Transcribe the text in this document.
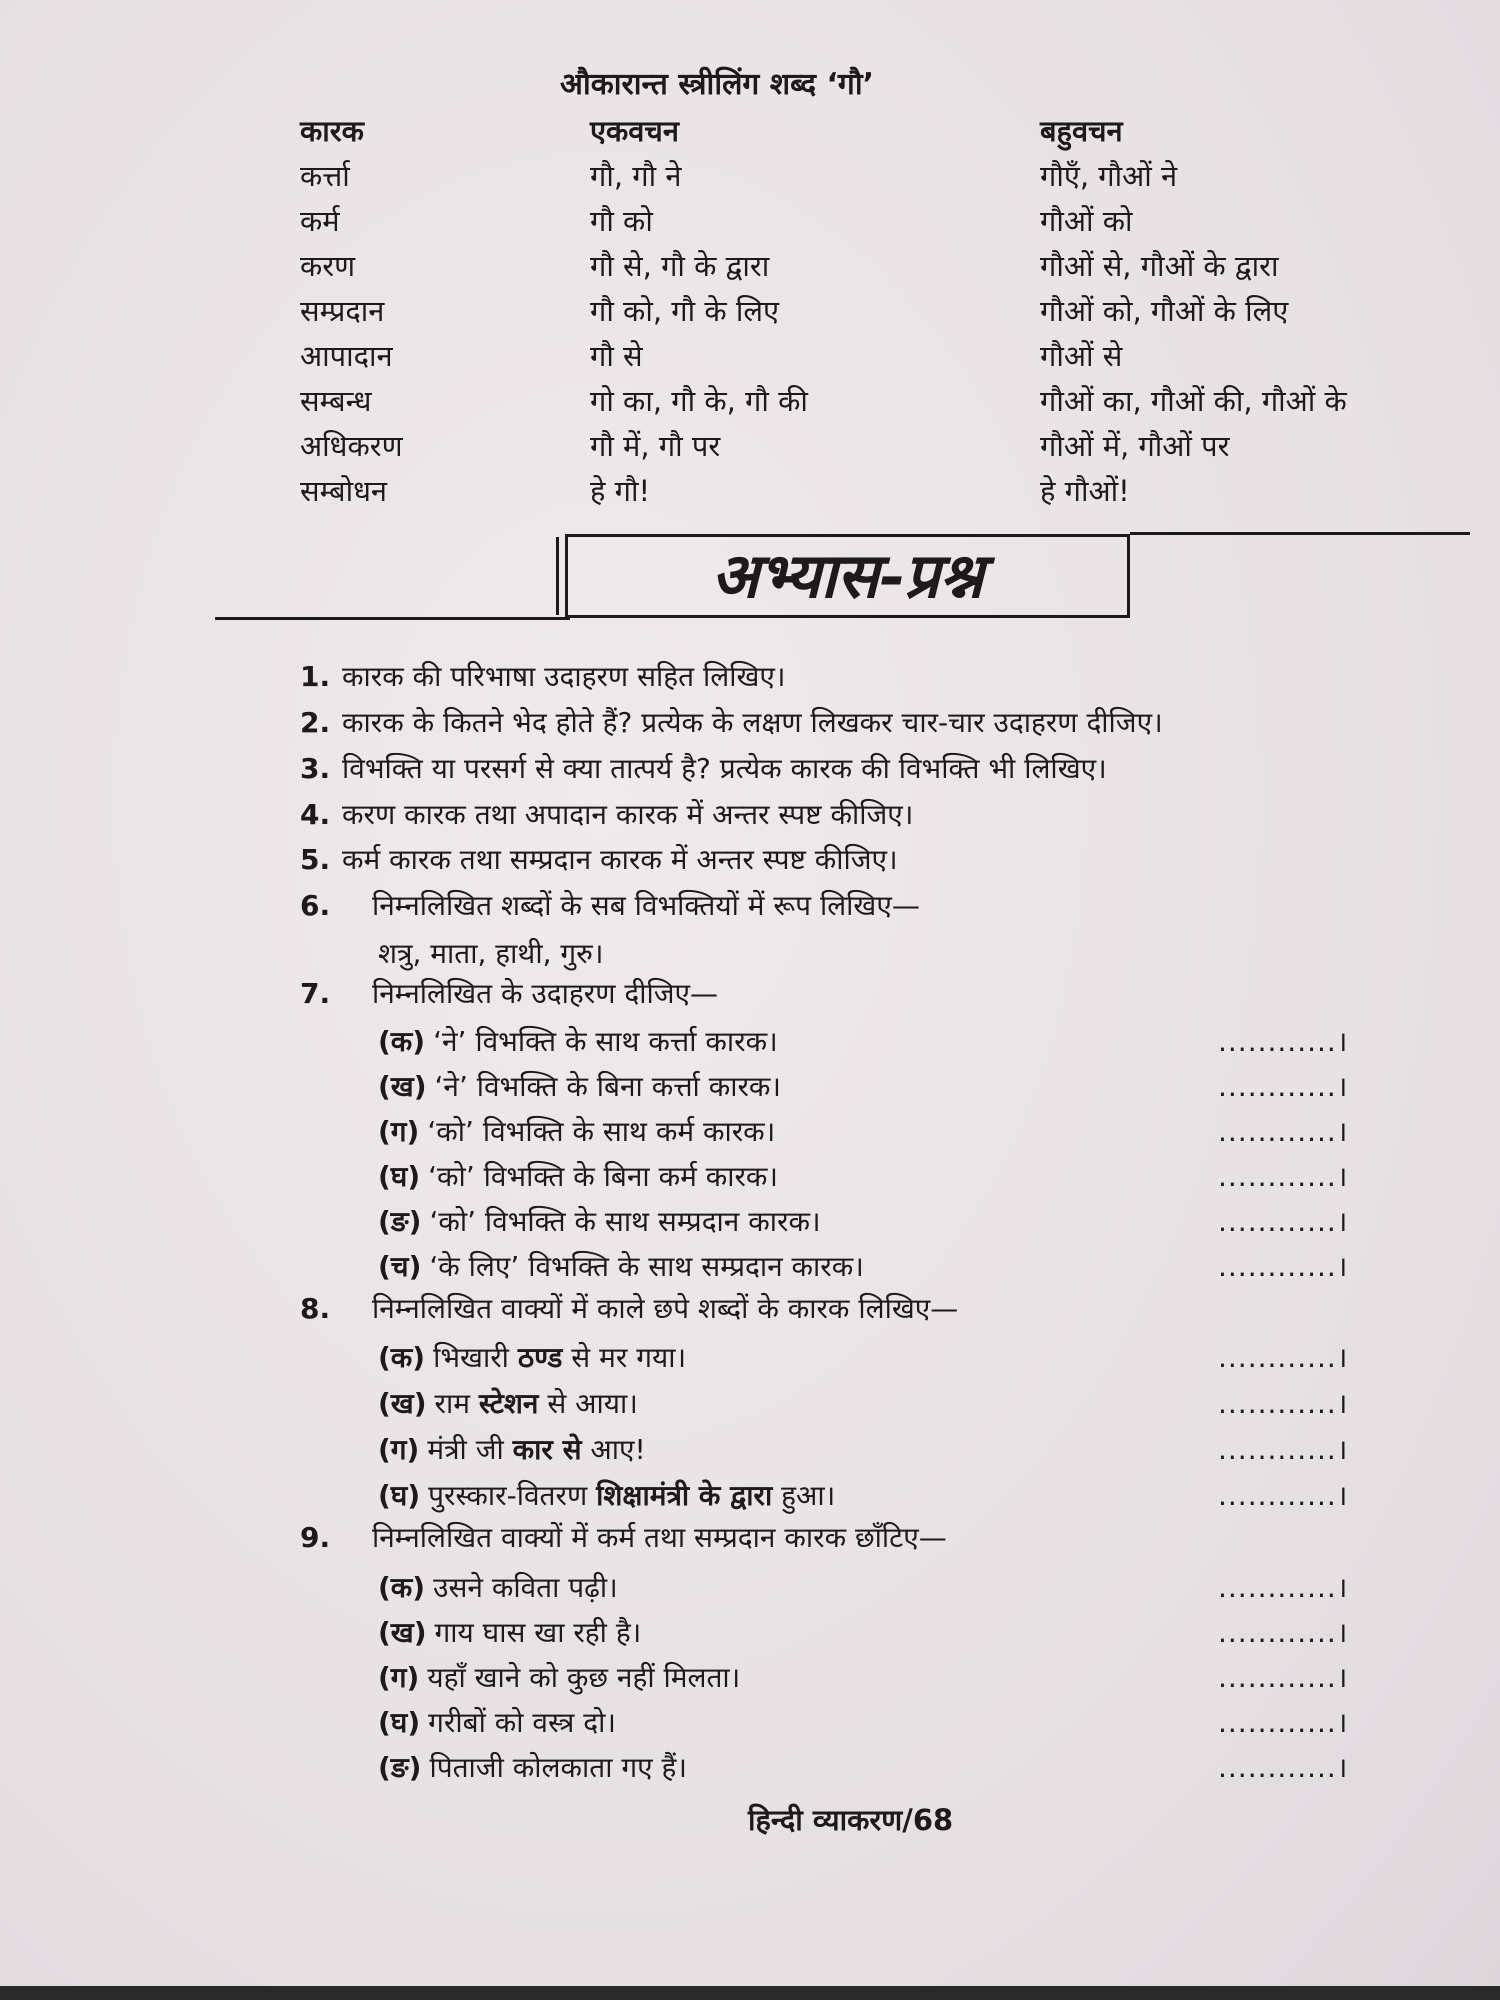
औकारान्त स्त्रीलिंग शब्द ‘गौ’
कारक	एकवचन	बहुवचन
कर्त्ता	गौ, गौ ने	गौएँ, गौओं ने
कर्म	गौ को	गौओं को
करण	गौ से, गौ के द्वारा	गौओं से, गौओं के द्वारा
सम्प्रदान	गौ को, गौ के लिए	गौओं को, गौओं के लिए
आपादान	गौ से	गौओं से
सम्बन्ध	गो का, गौ के, गौ की	गौओं का, गौओं की, गौओं के
अधिकरण	गौ में, गौ पर	गौओं में, गौओं पर
सम्बोधन	हे गौ!	हे गौओं!
अभ्यास-प्रश्न
1. कारक की परिभाषा उदाहरण सहित लिखिए।
2. कारक के कितने भेद होते हैं? प्रत्येक के लक्षण लिखकर चार-चार उदाहरण दीजिए।
3. विभक्ति या परसर्ग से क्या तात्पर्य है? प्रत्येक कारक की विभक्ति भी लिखिए।
4. करण कारक तथा अपादान कारक में अन्तर स्पष्ट कीजिए।
5. कर्म कारक तथा सम्प्रदान कारक में अन्तर स्पष्ट कीजिए।
6. निम्नलिखित शब्दों के सब विभक्तियों में रूप लिखिए—
शत्रु, माता, हाथी, गुरु।
7. निम्नलिखित के उदाहरण दीजिए—
(क) ‘ने’ विभक्ति के साथ कर्त्ता कारक।	............।
(ख) ‘ने’ विभक्ति के बिना कर्त्ता कारक।	............।
(ग) ‘को’ विभक्ति के साथ कर्म कारक।	............।
(घ) ‘को’ विभक्ति के बिना कर्म कारक।	............।
(ङ) ‘को’ विभक्ति के साथ सम्प्रदान कारक।	............।
(च) ‘के लिए’ विभक्ति के साथ सम्प्रदान कारक।	............।
8. निम्नलिखित वाक्यों में काले छपे शब्दों के कारक लिखिए—
(क) भिखारी ठण्ड से मर गया।	............।
(ख) राम स्टेशन से आया।	............।
(ग) मंत्री जी कार से आए!	............।
(घ) पुरस्कार-वितरण शिक्षामंत्री के द्वारा हुआ।	............।
9. निम्नलिखित वाक्यों में कर्म तथा सम्प्रदान कारक छाँटिए—
(क) उसने कविता पढ़ी।	............।
(ख) गाय घास खा रही है।	............।
(ग) यहाँ खाने को कुछ नहीं मिलता।	............।
(घ) गरीबों को वस्त्र दो।	............।
(ङ) पिताजी कोलकाता गए हैं।	............।
हिन्दी व्याकरण/68
